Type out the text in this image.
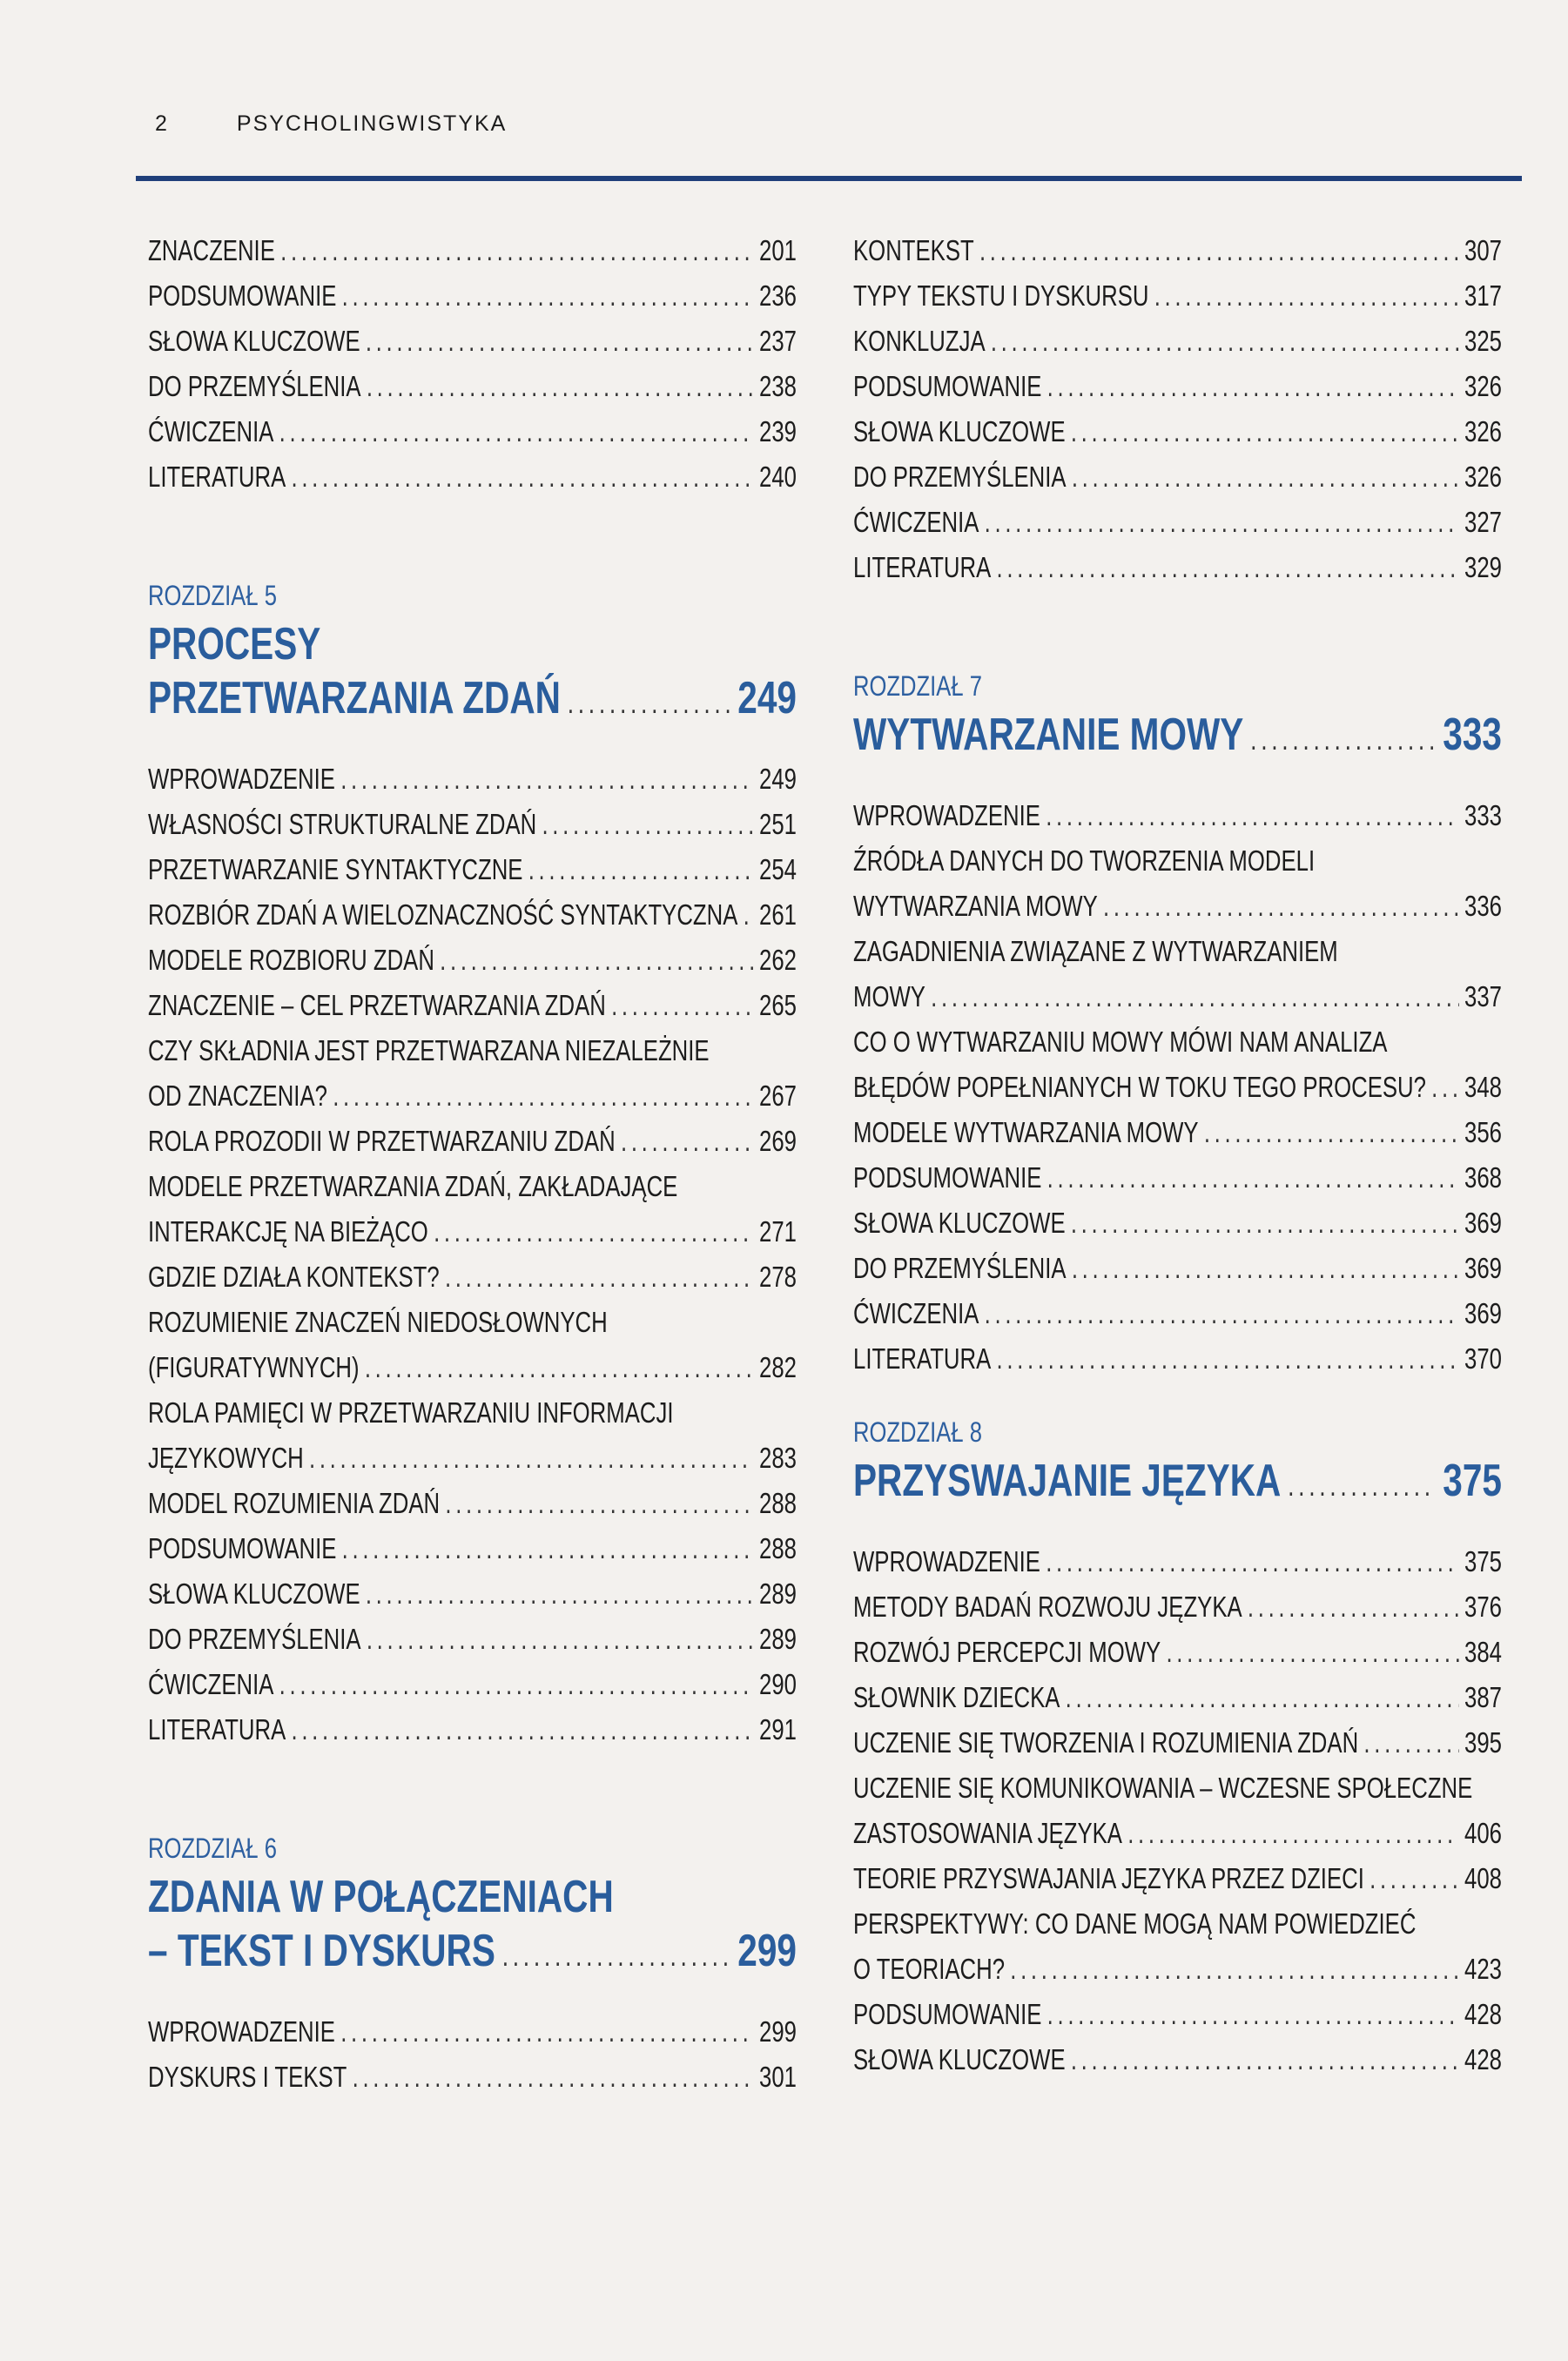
2	PSYCHOLINGWISTYKA
ZNACZENIE .....	201
PODSUMOWANIE .....	236
SŁOWA KLUCZOWE .....	237
DO PRZEMYŚLENIA .....	238
ĆWICZENIA .....	239
LITERATURA .....	240
ROZDZIAŁ 5
PROCESY
PRZETWARZANIA ZDAŃ .....	249
WPROWADZENIE .....	249
WŁASNOŚCI STRUKTURALNE ZDAŃ .....	251
PRZETWARZANIE SYNTAKTYCZNE .....	254
ROZBIÓR ZDAŃ A WIELOZNACZNOŚĆ SYNTAKTYCZNA ..... 261
MODELE ROZBIORU ZDAŃ .....	262
ZNACZENIE – CEL PRZETWARZANIA ZDAŃ .....	265
CZY SKŁADNIA JEST PRZETWARZANA NIEZALEŻNIE
OD ZNACZENIA? .....	267
ROLA PROZODII W PRZETWARZANIU ZDAŃ .....	269
MODELE PRZETWARZANIA ZDAŃ, ZAKŁADAJĄCE
INTERAKCJĘ NA BIEŻĄCO .....	271
GDZIE DZIAŁA KONTEKST? .....	278
ROZUMIENIE ZNACZEŃ NIEDOSŁOWNYCH
(FIGURATYWNYCH) .....	282
ROLA PAMIĘCI W PRZETWARZANIU INFORMACJI
JĘZYKOWYCH .....	283
MODEL ROZUMIENIA ZDAŃ .....	288
PODSUMOWANIE .....	288
SŁOWA KLUCZOWE .....	289
DO PRZEMYŚLENIA .....	289
ĆWICZENIA .....	290
LITERATURA .....	291
ROZDZIAŁ 6
ZDANIA W POŁĄCZENIACH
– TEKST I DYSKURS .....	299
WPROWADZENIE .....	299
DYSKURS I TEKST .....	301
KONTEKST .....	307
TYPY TEKSTU I DYSKURSU .....	317
KONKLUZJA .....	325
PODSUMOWANIE .....	326
SŁOWA KLUCZOWE .....	326
DO PRZEMYŚLENIA .....	326
ĆWICZENIA .....	327
LITERATURA .....	329
ROZDZIAŁ 7
WYTWARZANIE MOWY .....	333
WPROWADZENIE .....	333
ŹRÓDŁA DANYCH DO TWORZENIA MODELI
WYTWARZANIA MOWY .....	336
ZAGADNIENIA ZWIĄZANE Z WYTWARZANIEM
MOWY .....	337
CO O WYTWARZANIU MOWY MÓWI NAM ANALIZA
BŁĘDÓW POPEŁNIANYCH W TOKU TEGO PROCESU? ..... 348
MODELE WYTWARZANIA MOWY .....	356
PODSUMOWANIE .....	368
SŁOWA KLUCZOWE .....	369
DO PRZEMYŚLENIA .....	369
ĆWICZENIA .....	369
LITERATURA .....	370
ROZDZIAŁ 8
PRZYSWAJANIE JĘZYKA .....	375
WPROWADZENIE .....	375
METODY BADAŃ ROZWOJU JĘZYKA .....	376
ROZWÓJ PERCEPCJI MOWY .....	384
SŁOWNIK DZIECKA .....	387
UCZENIE SIĘ TWORZENIA I ROZUMIENIA ZDAŃ .....	395
UCZENIE SIĘ KOMUNIKOWANIA – WCZESNE SPOŁECZNE
ZASTOSOWANIA JĘZYKA .....	406
TEORIE PRZYSWAJANIA JĘZYKA PRZEZ DZIECI .....	408
PERSPEKTYWY: CO DANE MOGĄ NAM POWIEDZIEĆ
O TEORIACH? .....	423
PODSUMOWANIE .....	428
SŁOWA KLUCZOWE .....	428
